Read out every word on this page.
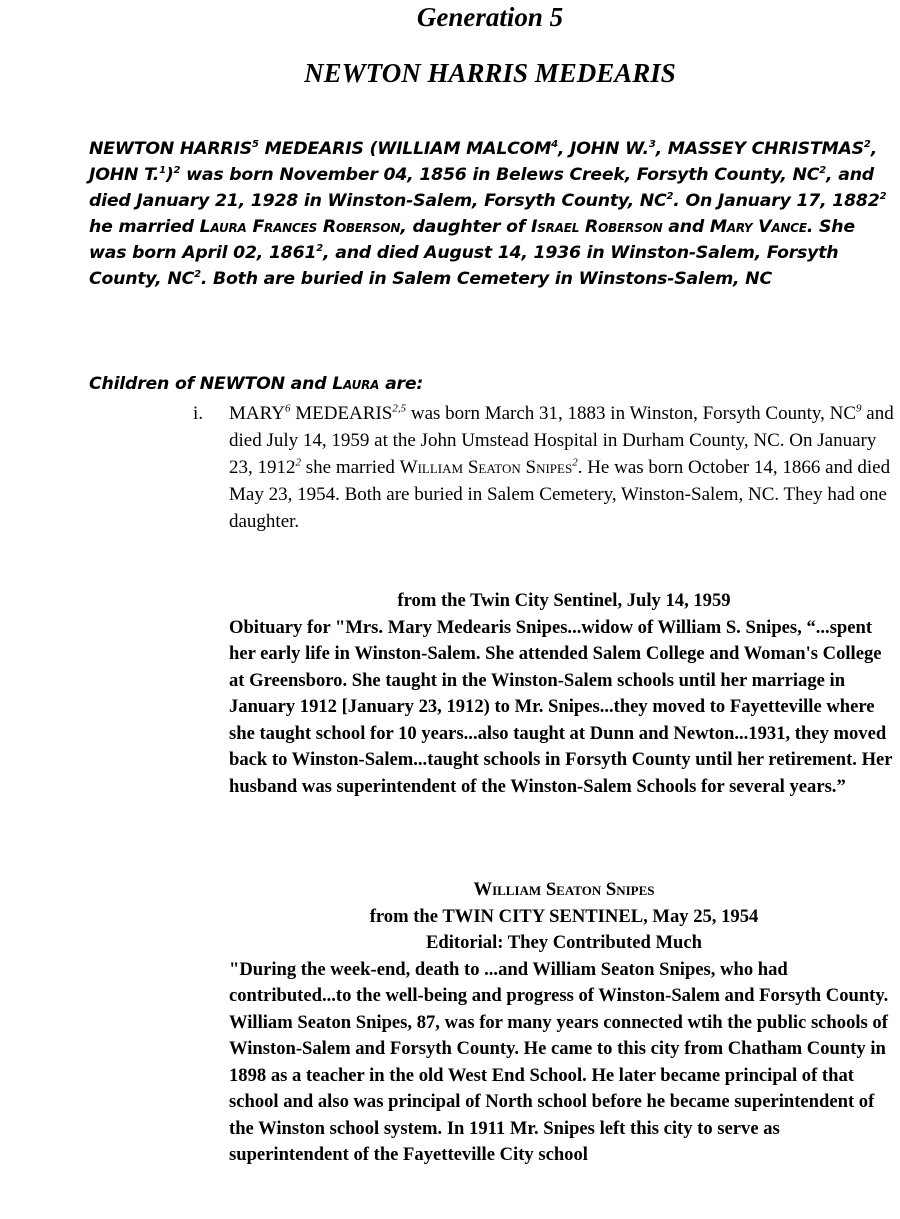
Generation 5
NEWTON HARRIS MEDEARIS

NEWTON HARRIS$^5$ MEDEARIS (WILLIAM MALCOM$^4$, JOHN W.$^3$, MASSEY CHRISTMAS$^2$, JOHN T.$^1$)$^2$ was born November 04, 1856 in Belews Creek, Forsyth County, $NC^2$, and died January 21, 1928 in Winston-Salem, Forsyth County, $NC^2$. On January 17, 1882$^2$ he married Laura Frances Roberson, daughter of Israel Roberson and Mary Vance. She was born April 02, 1861$^2$, and died August 14, 1936 in Winston-Salem, Forsyth County, $NC^2$. Both are buried in Salem Cemetery in Winstons-Salem, NC

Children of NEWTON and Laura are:

i. MARY$^6$ MEDEARIS$^{2,5}$ was born March 31, 1883 in Winston, Forsyth County, $NC^9$ and died July 14, 1959 at the John Umstead Hospital in Durham County, NC. On January 23, 1912$^2$ she married William Seaton Snipes$^2$. He was born October 14, 1866 and died May 23, 1954. Both are buried in Salem Cemetery, Winston-Salem, NC. They had one daughter.

from the Twin City Sentinel, July 14, 1959
Obituary for "Mrs. Mary Medearis Snipes...widow of William S. Snipes, “...spent her early life in Winston-Salem. She attended Salem College and Woman's College at Greensboro. She taught in the Winston-Salem schools until her marriage in January 1912 [January 23, 1912) to Mr. Snipes...they moved to Fayetteville where she taught school for 10 years...also taught at Dunn and Newton...1931, they moved back to Winston-Salem...taught schools in Forsyth County until her retirement. Her husband was superintendent of the Winston-Salem Schools for several years.”
William Seaton Snipes
from the TWIN CITY SENTINEL, May 25, 1954
Editorial: They Contributed Much
"During the week-end, death to ...and William Seaton Snipes, who had contributed...to the well-being and progress of Winston-Salem and Forsyth County. William Seaton Snipes, 87, was for many years connected wtih the public schools of Winston-Salem and Forsyth County. He came to this city from Chatham County in 1898 as a teacher in the old West End School. He later became principal of that school and also was principal of North school before he became superintendent of the Winston school system. In 1911 Mr. Snipes left this city to serve as superintendent of the Fayetteville City school
